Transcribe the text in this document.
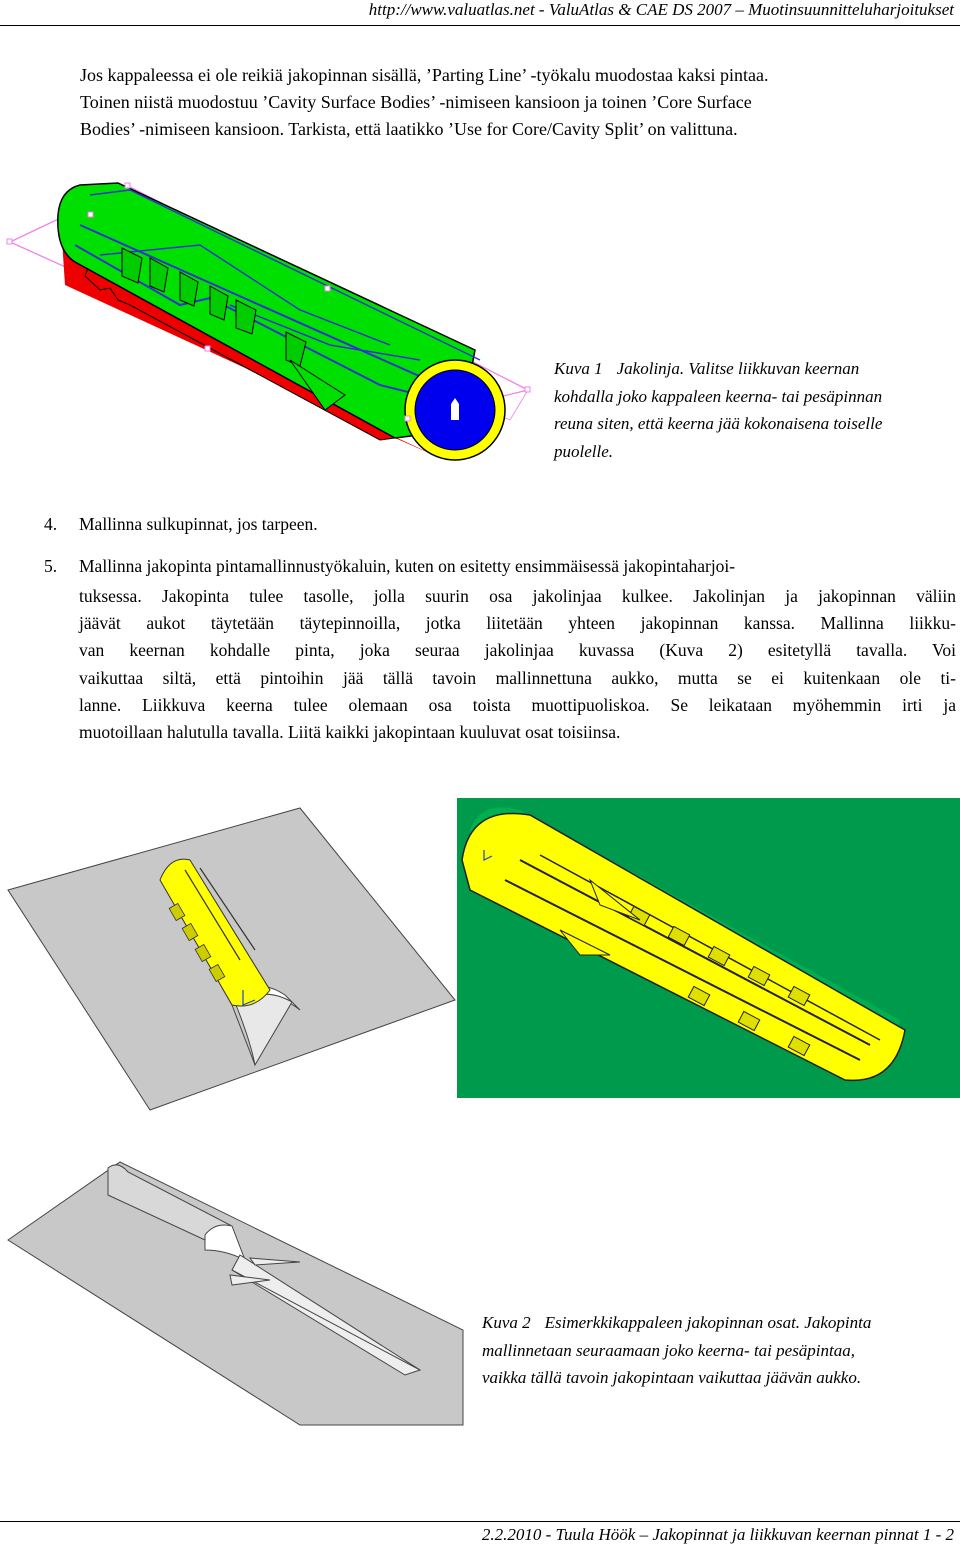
http://www.valuatlas.net - ValuAtlas & CAE DS 2007 – Muotinsuunnitteluharjoitukset
Jos kappaleessa ei ole reikiä jakopinnan sisällä, ’Parting Line’ -työkalu muodostaa kaksi pintaa.
Toinen niistä muodostuu ’Cavity Surface Bodies’ -nimiseen kansioon ja toinen ’Core Surface
Bodies’ -nimiseen kansioon. Tarkista, että laatikko ’Use for Core/Cavity Split’ on valittuna.
Kuva 1 Jakolinja. Valitse liikkuvan keernan
kohdalla joko kappaleen keerna- tai pesäpinnan
reuna siten, että keerna jää kokonaisena toiselle
puolelle.
4.	Mallinna sulkupinnat, jos tarpeen.
5.	Mallinna jakopinta pintamallinnustyökaluin, kuten on esitetty ensimmäisessä jakopintaharjoi-
tuksessa. Jakopinta tulee tasolle, jolla suurin osa jakolinjaa kulkee. Jakolinjan ja jakopinnan väliin
jäävät aukot täytetään täytepinnoilla, jotka liitetään yhteen jakopinnan kanssa. Mallinna liikku-
van keernan kohdalle pinta, joka seuraa jakolinjaa kuvassa (Kuva 2) esitetyllä tavalla. Voi
vaikuttaa siltä, että pintoihin jää tällä tavoin mallinnettuna aukko, mutta se ei kuitenkaan ole ti-
lanne. Liikkuva keerna tulee olemaan osa toista muottipuoliskoa. Se leikataan myöhemmin irti ja
muotoillaan halutulla tavalla. Liitä kaikki jakopintaan kuuluvat osat toisiinsa.
Kuva 2 Esimerkkikappaleen jakopinnan osat. Jakopinta
mallinnetaan seuraamaan joko keerna- tai pesäpintaa,
vaikka tällä tavoin jakopintaan vaikuttaa jäävän aukko.
2.2.2010 - Tuula Höök – Jakopinnat ja liikkuvan keernan pinnat 1 - 2
